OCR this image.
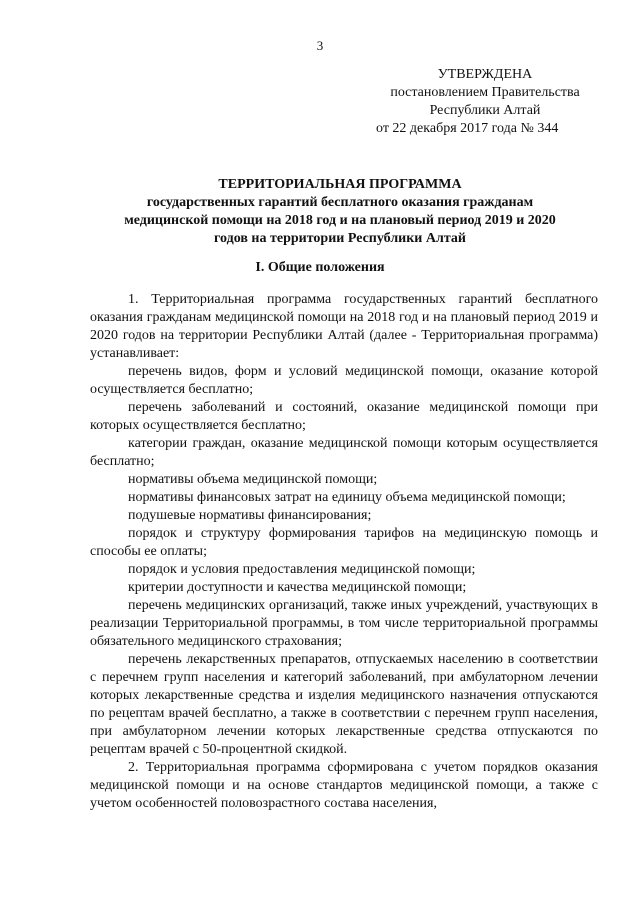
3
УТВЕРЖДЕНА
постановлением Правительства
Республики Алтай
от 22 декабря 2017 года № 344
ТЕРРИТОРИАЛЬНАЯ ПРОГРАММА
государственных гарантий бесплатного оказания гражданам
медицинской помощи на 2018 год и на плановый период 2019 и 2020
годов на территории Республики Алтай
I. Общие положения

1. Территориальная программа государственных гарантий бесплатного оказания гражданам медицинской помощи на 2018 год и на плановый период 2019 и 2020 годов на территории Республики Алтай (далее - Территориальная программа) устанавливает:

перечень видов, форм и условий медицинской помощи, оказание которой осуществляется бесплатно;

перечень заболеваний и состояний, оказание медицинской помощи при которых осуществляется бесплатно;

категории граждан, оказание медицинской помощи которым осуществляется бесплатно;

нормативы объема медицинской помощи;

нормативы финансовых затрат на единицу объема медицинской помощи;

подушевые нормативы финансирования;

порядок и структуру формирования тарифов на медицинскую помощь и способы ее оплаты;

порядок и условия предоставления медицинской помощи;

критерии доступности и качества медицинской помощи;

перечень медицинских организаций, также иных учреждений, участвующих в реализации Территориальной программы, в том числе территориальной программы обязательного медицинского страхования;

перечень лекарственных препаратов, отпускаемых населению в соответствии с перечнем групп населения и категорий заболеваний, при амбулаторном лечении которых лекарственные средства и изделия медицинского назначения отпускаются по рецептам врачей бесплатно, а также в соответствии с перечнем групп населения, при амбулаторном лечении которых лекарственные средства отпускаются по рецептам врачей с 50-процентной скидкой.

2. Территориальная программа сформирована с учетом порядков оказания медицинской помощи и на основе стандартов медицинской помощи, а также с учетом особенностей половозрастного состава населения,
